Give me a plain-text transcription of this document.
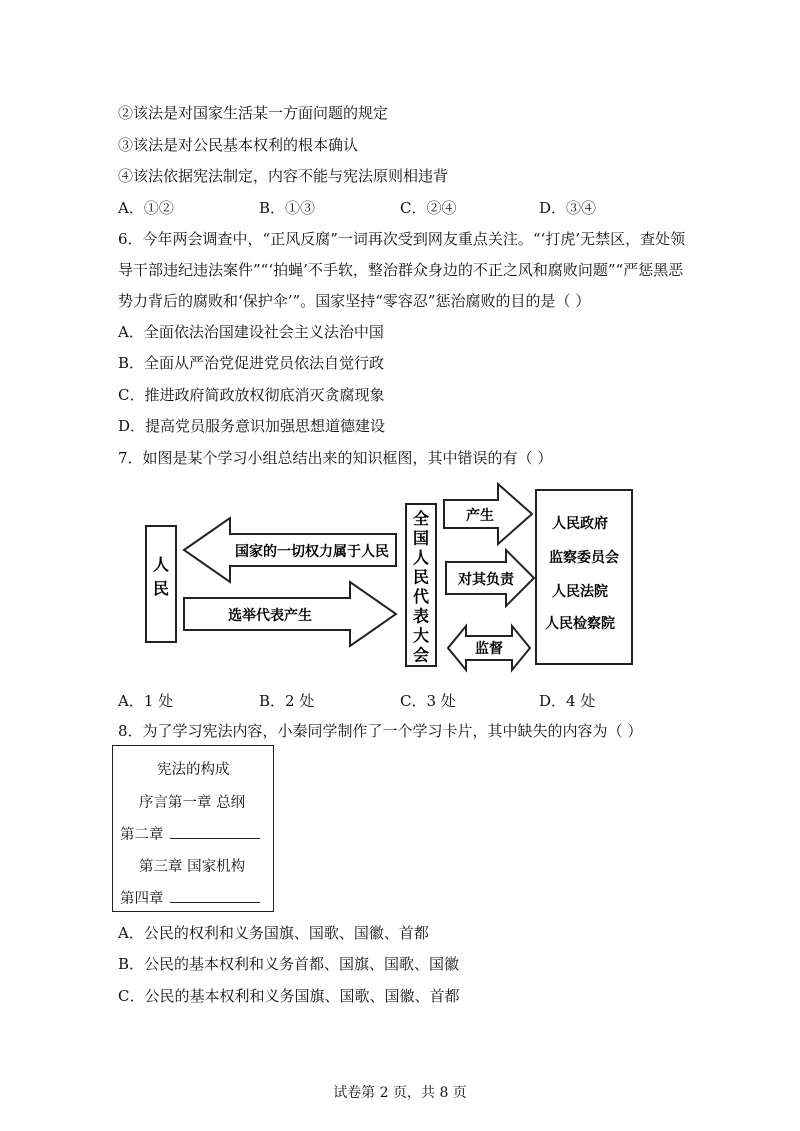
②该法是对国家生活某一方面问题的规定
③该法是对公民基本权利的根本确认
④该法依据宪法制定，内容不能与宪法原则相违背
A．①②	B．①③	C．②④	D．③④
6．今年两会调查中，“正风反腐”一词再次受到网友重点关注。“‘打虎’无禁区，查处领导干部违纪违法案件”“‘拍蝇’不手软，整治群众身边的不正之风和腐败问题”“严惩黑恶势力背后的腐败和‘保护伞’”。国家坚持“零容忍”惩治腐败的目的是（ ）
A．全面依法治国建设社会主义法治中国
B．全面从严治党促进党员依法自觉行政
C．推进政府简政放权彻底消灭贪腐现象
D．提高党员服务意识加强思想道德建设
7．如图是某个学习小组总结出来的知识框图，其中错误的有（ ）
人
民
国家的一切权力属于人民
选举代表产生
全
国
人
民
代
表
大
会
产生
对其负责
监督
人民政府
监察委员会
人民法院
人民检察院
A．1 处	B．2 处	C．3 处	D．4 处
8．为了学习宪法内容，小秦同学制作了一个学习卡片，其中缺失的内容为（ ）
宪法的构成
序言第一章 总纲
第二章
第三章 国家机构
第四章
A．公民的权利和义务国旗、国歌、国徽、首都
B．公民的基本权利和义务首都、国旗、国歌、国徽
C．公民的基本权利和义务国旗、国歌、国徽、首都
试卷第 2 页，共 8 页
